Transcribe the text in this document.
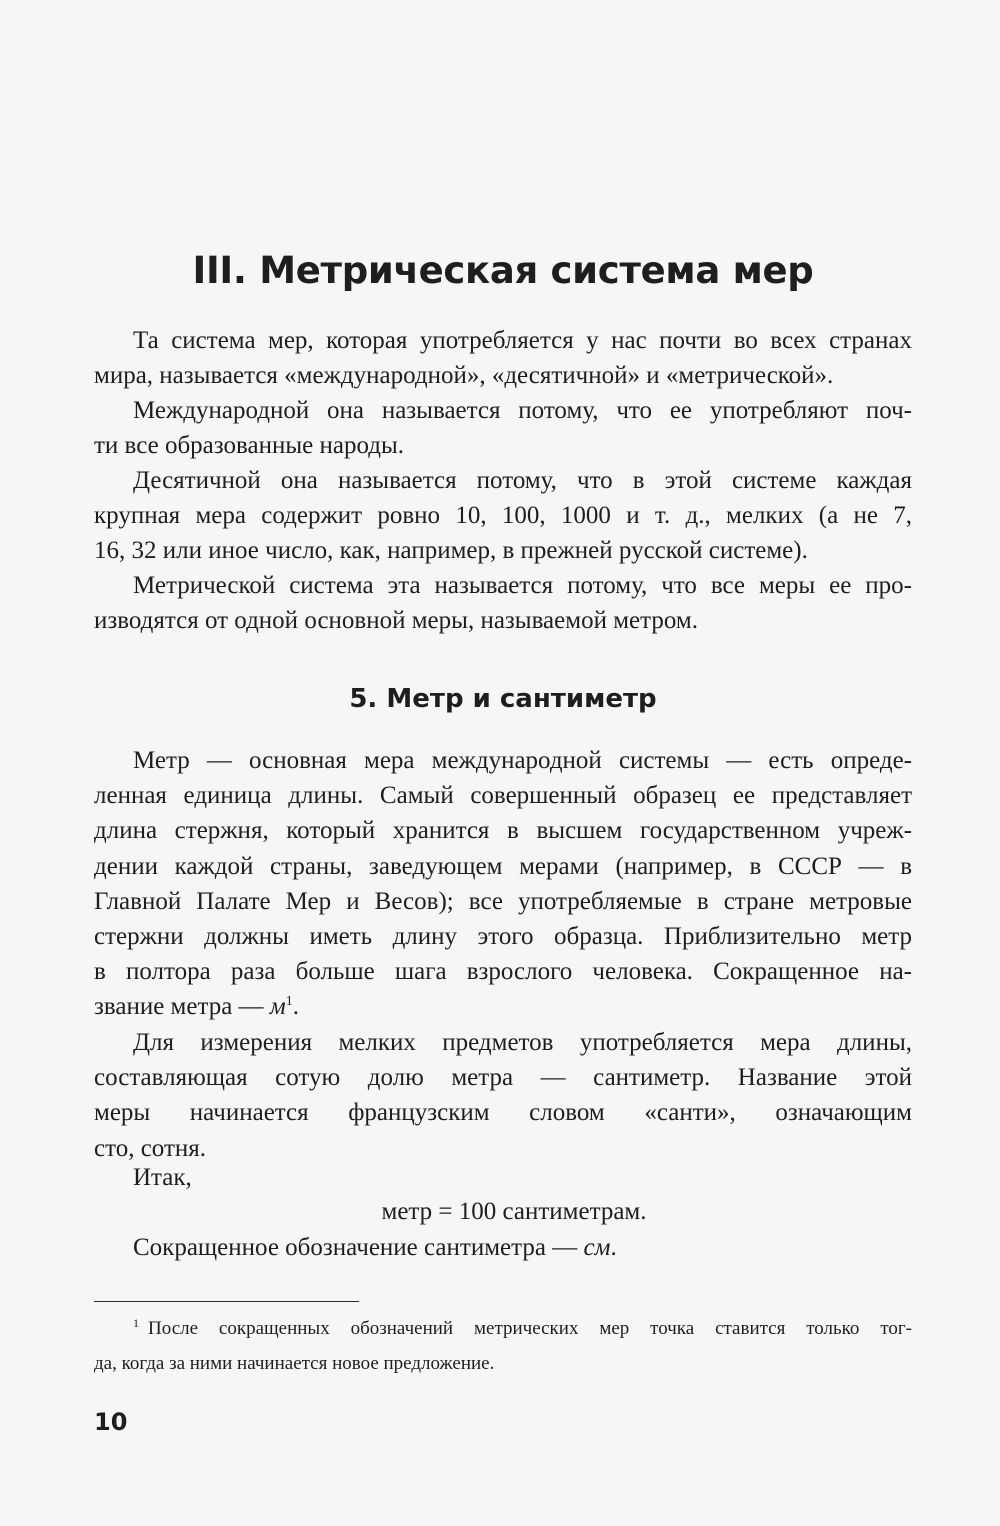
III. Метрическая система мер

Та система мер, которая употребляется у нас почти во всех странах
мира, называется «международной», «десятичной» и «метрической».

Международной она называется потому, что ее употребляют поч-
ти все образованные народы.

Десятичной она называется потому, что в этой системе каждая
крупная мера содержит ровно 10, 100, 1000 и т. д., мелких (а не 7,
16, 32 или иное число, как, например, в прежней русской системе).

Метрической система эта называется потому, что все меры ее про-
изводятся от одной основной меры, называемой метром.

5. Метр и сантиметр

Метр — основная мера международной системы — есть опреде-
ленная единица длины. Самый совершенный образец ее представляет
длина стержня, который хранится в высшем государственном учреж-
дении каждой страны, заведующем мерами (например, в СССР — в
Главной Палате Мер и Весов); все употребляемые в стране метровые
стержни должны иметь длину этого образца. Приблизительно метр
в полтора раза больше шага взрослого человека. Сокращенное на-
звание метра — м$^1$.

Для измерения мелких предметов употребляется мера длины,
составляющая сотую долю метра — сантиметр. Название этой
меры начинается французским словом «санти», означающим
сто, сотня.

Итак,

метр = 100 сантиметрам.

Сокращенное обозначение сантиметра — см.

$^1$ После сокращенных обозначений метрических мер точка ставится только тог-
да, когда за ними начинается новое предложение.

10
